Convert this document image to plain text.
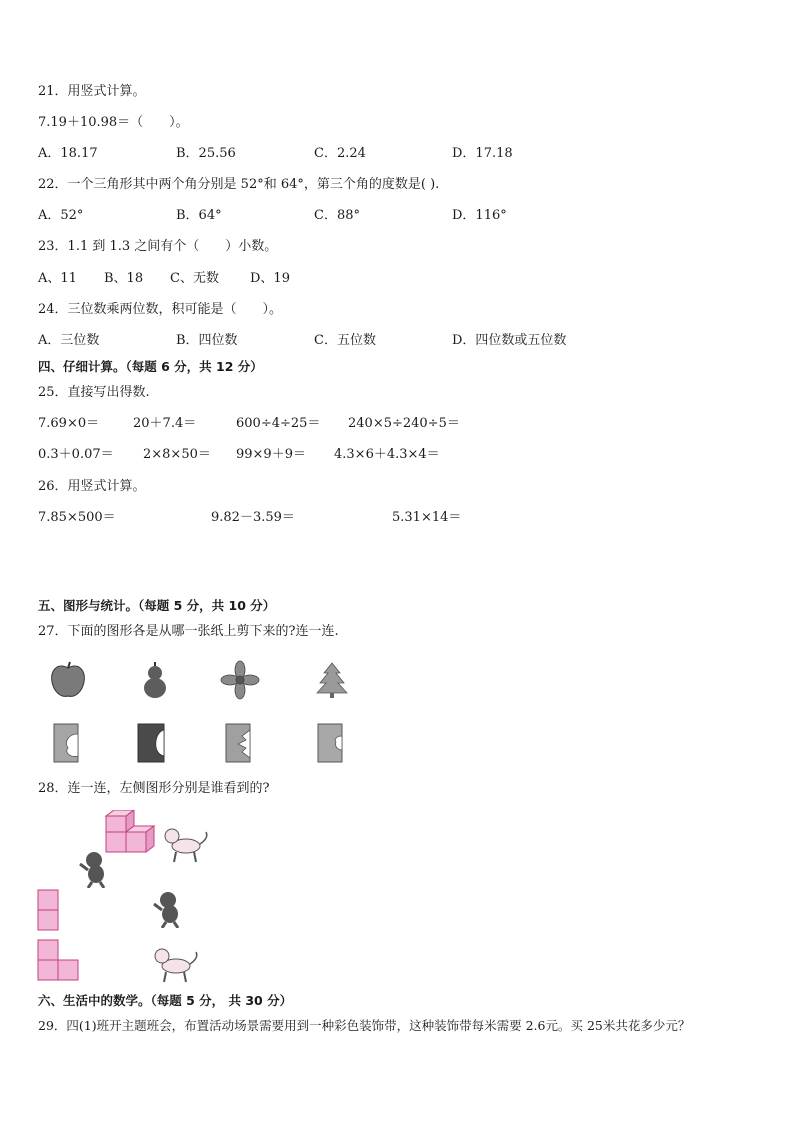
21．用竖式计算。
7.19＋10.98＝（　　）。
A．18.17	B．25.56	C．2.24	D．17.18
22．一个三角形其中两个角分别是 52°和 64°，第三个角的度数是( ).
A．52°	B．64°	C．88°	D．116°
23．1.1 到 1.3 之间有个（　　）小数。
A、11 B、18 C、无数 D、19
24．三位数乘两位数，积可能是（　　）。
A．三位数	B．四位数	C．五位数	D．四位数或五位数
四、仔细计算。（每题 6 分，共 12 分）
25．直接写出得数.
7.69×0＝	20＋7.4＝	600÷4÷25＝ 240×5÷240÷5＝
0.3＋0.07＝ 2×8×50＝ 99×9＋9＝ 4.3×6＋4.3×4＝
26．用竖式计算。
7.85×500＝	9.82－3.59＝	5.31×14＝
五、图形与统计。（每题 5 分，共 10 分）
27．下面的图形各是从哪一张纸上剪下来的?连一连.
28．连一连，左侧图形分别是谁看到的?
六、生活中的数学。（每题 5 分， 共 30 分）
29．四(1)班开主题班会，布置活动场景需要用到一种彩色装饰带，这种装饰带每米需要 2.6元。买 25米共花多少元？
